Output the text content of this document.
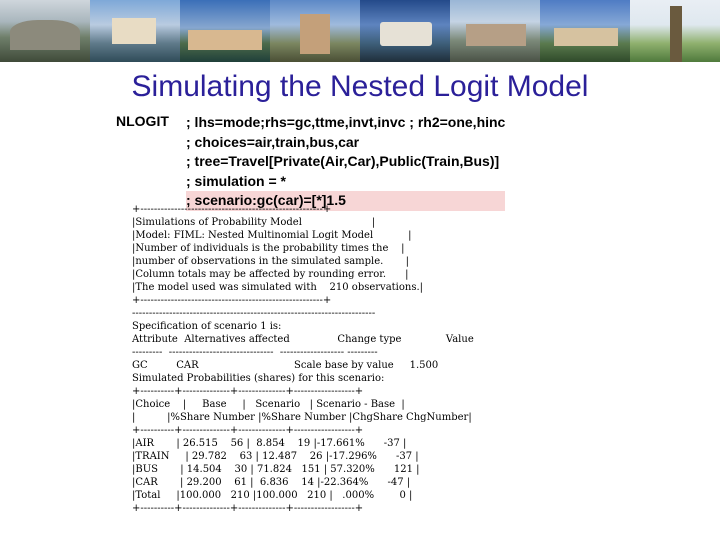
Simulating the Nested Logit Model
NLOGIT ; lhs=mode;rhs=gc,ttme,invt,invc ; rh2=one,hinc
; choices=air,train,bus,car
; tree=Travel[Private(Air,Car),Public(Train,Bus)]
; simulation = *
; scenario:gc(car)=[*]1.5
+------------------------------------------------------+
|Simulations of Probability Model                      |
|Model: FIML: Nested Multinomial Logit Model           |
|Number of individuals is the probability times the    |
|number of observations in the simulated sample.       |
|Column totals may be affected by rounding error.      |
|The model used was simulated with    210 observations.|
+------------------------------------------------------+
------------------------------------------------------------------------
Specification of scenario 1 is:
Attribute  Alternatives affected               Change type              Value
---------  -------------------------------  ------------------- ---------
GC         CAR                              Scale base by value     1.500
Simulated Probabilities (shares) for this scenario:
+----------+--------------+--------------+------------------+
|Choice    |     Base     |   Scenario   | Scenario - Base  |
|          |%Share Number |%Share Number |ChgShare ChgNumber|
+----------+--------------+--------------+------------------+
|AIR       | 26.515    56 |  8.854    19 |-17.661%      -37 |
|TRAIN     | 29.782    63 | 12.487    26 |-17.296%      -37 |
|BUS       | 14.504    30 | 71.824   151 | 57.320%      121 |
|CAR       | 29.200    61 |  6.836    14 |-22.364%      -47 |
|Total     |100.000   210 |100.000   210 |   .000%        0 |
+----------+--------------+--------------+------------------+
